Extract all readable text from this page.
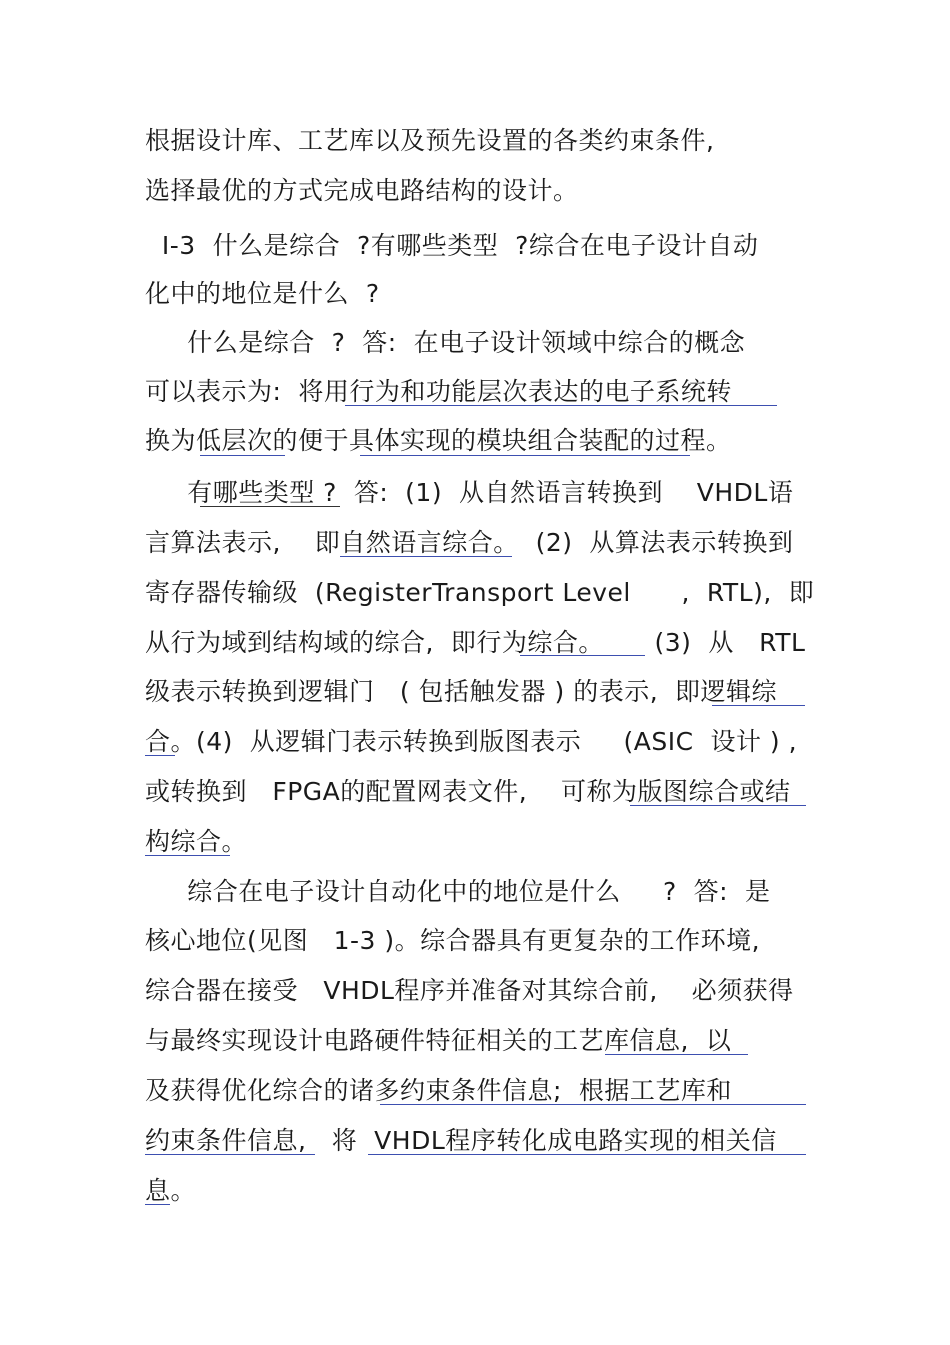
根据设计库、工艺库以及预先设置的各类约束条件,
选择最优的方式完成电路结构的设计。
I-3  什么是综合  ?有哪些类型  ?综合在电子设计自动
化中的地位是什么  ?
什么是综合  ?  答:  在电子设计领域中综合的概念
可以表示为:  将用行为和功能层次表达的电子系统转
换为低层次的便于具体实现的模块组合装配的过程。
有哪些类型 ?  答:  (1)  从自然语言转换到    VHDL语
言算法表示,    即自然语言综合。  (2)  从算法表示转换到
寄存器传输级  (RegisterTransport Level      ,  RTL),  即
从行为域到结构域的综合,  即行为综合。      (3)  从   RTL
级表示转换到逻辑门   ( 包括触发器 ) 的表示,  即逻辑综
合。(4)  从逻辑门表示转换到版图表示     (ASIC  设计 ) ,
或转换到   FPGA的配置网表文件,    可称为版图综合或结
构综合。
综合在电子设计自动化中的地位是什么     ?  答:  是
核心地位(见图   1-3 )。综合器具有更复杂的工作环境,
综合器在接受   VHDL程序并准备对其综合前,    必须获得
与最终实现设计电路硬件特征相关的工艺库信息,  以
及获得优化综合的诸多约束条件信息;  根据工艺库和
约束条件信息,   将  VHDL程序转化成电路实现的相关信
息。
